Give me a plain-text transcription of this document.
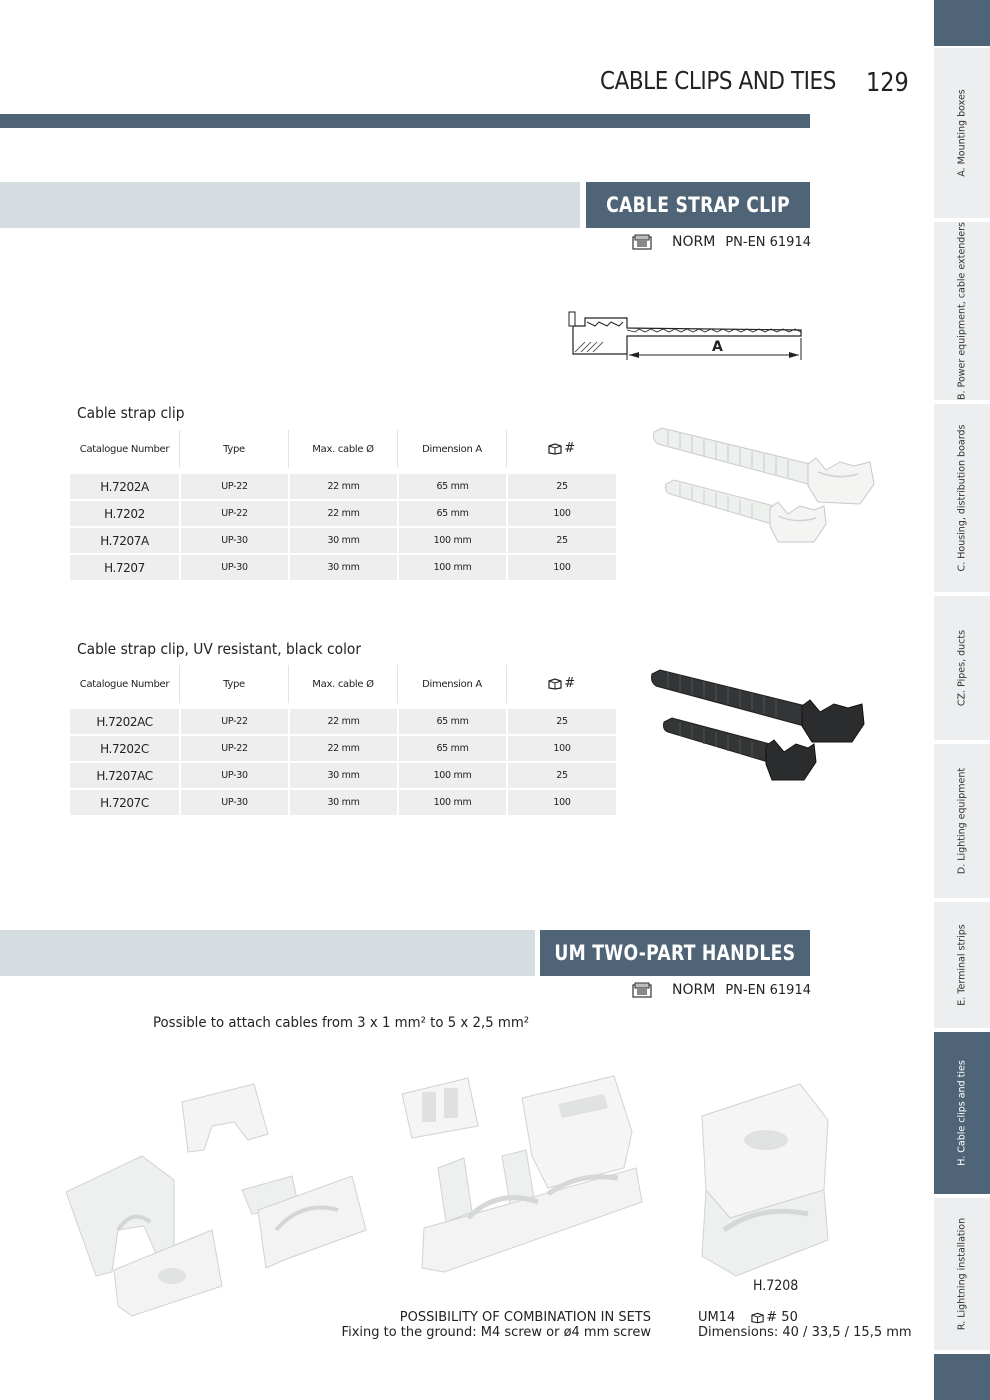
CABLE CLIPS AND TIES 129
A. Mounting boxes
B. Power equipment, cable extenders
C. Housing, distribution boards
CZ. Pipes, ducts
D. Lighting equipment
E. Terminal strips
H. Cable clips and ties
R. Lightning installation
CABLE STRAP CLIP
NORM PN-EN 61914
A
Cable strap clip
Catalogue Number	Type	Max. cable Ø	Dimension A	#

H.7202A	UP-22	22 mm	65 mm	25
H.7202	UP-22	22 mm	65 mm	100
H.7207A	UP-30	30 mm	100 mm	25
H.7207	UP-30	30 mm	100 mm	100
Cable strap clip, UV resistant, black color
Catalogue Number	Type	Max. cable Ø	Dimension A	#

H.7202AC	UP-22	22 mm	65 mm	25
H.7202C	UP-22	22 mm	65 mm	100
H.7207AC	UP-30	30 mm	100 mm	25
H.7207C	UP-30	30 mm	100 mm	100
UM TWO-PART HANDLES
NORM PN-EN 61914
Possible to attach cables from 3 x 1 mm² to 5 x 2,5 mm²
H.7208
POSSIBILITY OF COMBINATION IN SETS
Fixing to the ground: M4 screw or ø4 mm screw
UM14 # 50
Dimensions: 40 / 33,5 / 15,5 mm
